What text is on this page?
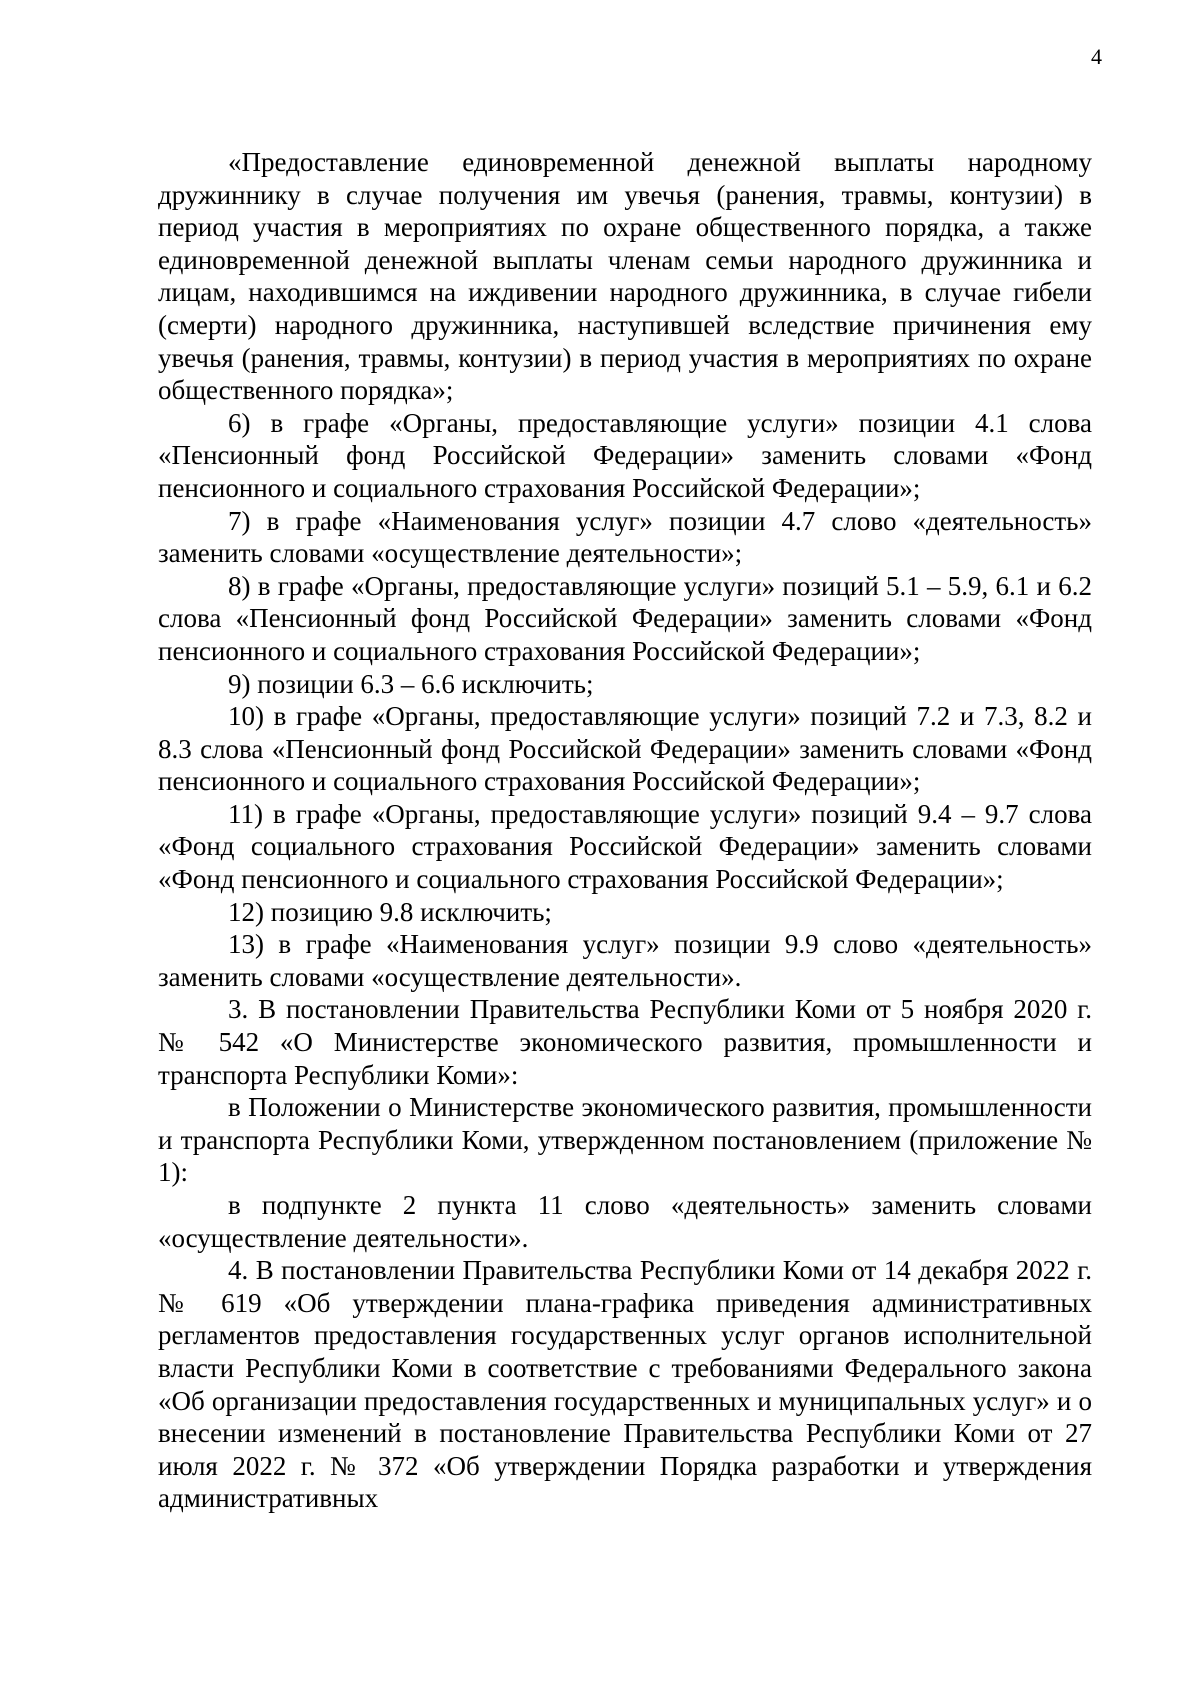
4

«Предоставление единовременной денежной выплаты народному дружиннику в случае получения им увечья (ранения, травмы, контузии) в период участия в мероприятиях по охране общественного порядка, а также единовременной денежной выплаты членам семьи народного дружинника и лицам, находившимся на иждивении народного дружинника, в случае гибели (смерти) народного дружинника, наступившей вследствие причинения ему увечья (ранения, травмы, контузии) в период участия в мероприятиях по охране общественного порядка»;

6) в графе «Органы, предоставляющие услуги» позиции 4.1 слова «Пенсионный фонд Российской Федерации» заменить словами «Фонд пенсионного и социального страхования Российской Федерации»;

7) в графе «Наименования услуг» позиции 4.7 слово «деятельность» заменить словами «осуществление деятельности»;

8) в графе «Органы, предоставляющие услуги» позиций 5.1 – 5.9, 6.1 и 6.2 слова «Пенсионный фонд Российской Федерации» заменить словами «Фонд пенсионного и социального страхования Российской Федерации»;

9) позиции 6.3 – 6.6 исключить;

10) в графе «Органы, предоставляющие услуги» позиций 7.2 и 7.3, 8.2 и 8.3 слова «Пенсионный фонд Российской Федерации» заменить словами «Фонд пенсионного и социального страхования Российской Федерации»;

11) в графе «Органы, предоставляющие услуги» позиций 9.4 – 9.7 слова «Фонд социального страхования Российской Федерации» заменить словами «Фонд пенсионного и социального страхования Российской Федерации»;

12) позицию 9.8 исключить;

13) в графе «Наименования услуг» позиции 9.9 слово «деятельность» заменить словами «осуществление деятельности».

3. В постановлении Правительства Республики Коми от 5 ноября 2020 г. № 542 «О Министерстве экономического развития, промышленности и транспорта Республики Коми»:

в Положении о Министерстве экономического развития, промышленности и транспорта Республики Коми, утвержденном постановлением (приложение № 1):

в подпункте 2 пункта 11 слово «деятельность» заменить словами «осуществление деятельности».

4. В постановлении Правительства Республики Коми от 14 декабря 2022 г. № 619 «Об утверждении плана-графика приведения административных регламентов предоставления государственных услуг органов исполнительной власти Республики Коми в соответствие с требованиями Федерального закона «Об организации предоставления государственных и муниципальных услуг» и о внесении изменений в постановление Правительства Республики Коми от 27 июля 2022 г. № 372 «Об утверждении Порядка разработки и утверждения административных
